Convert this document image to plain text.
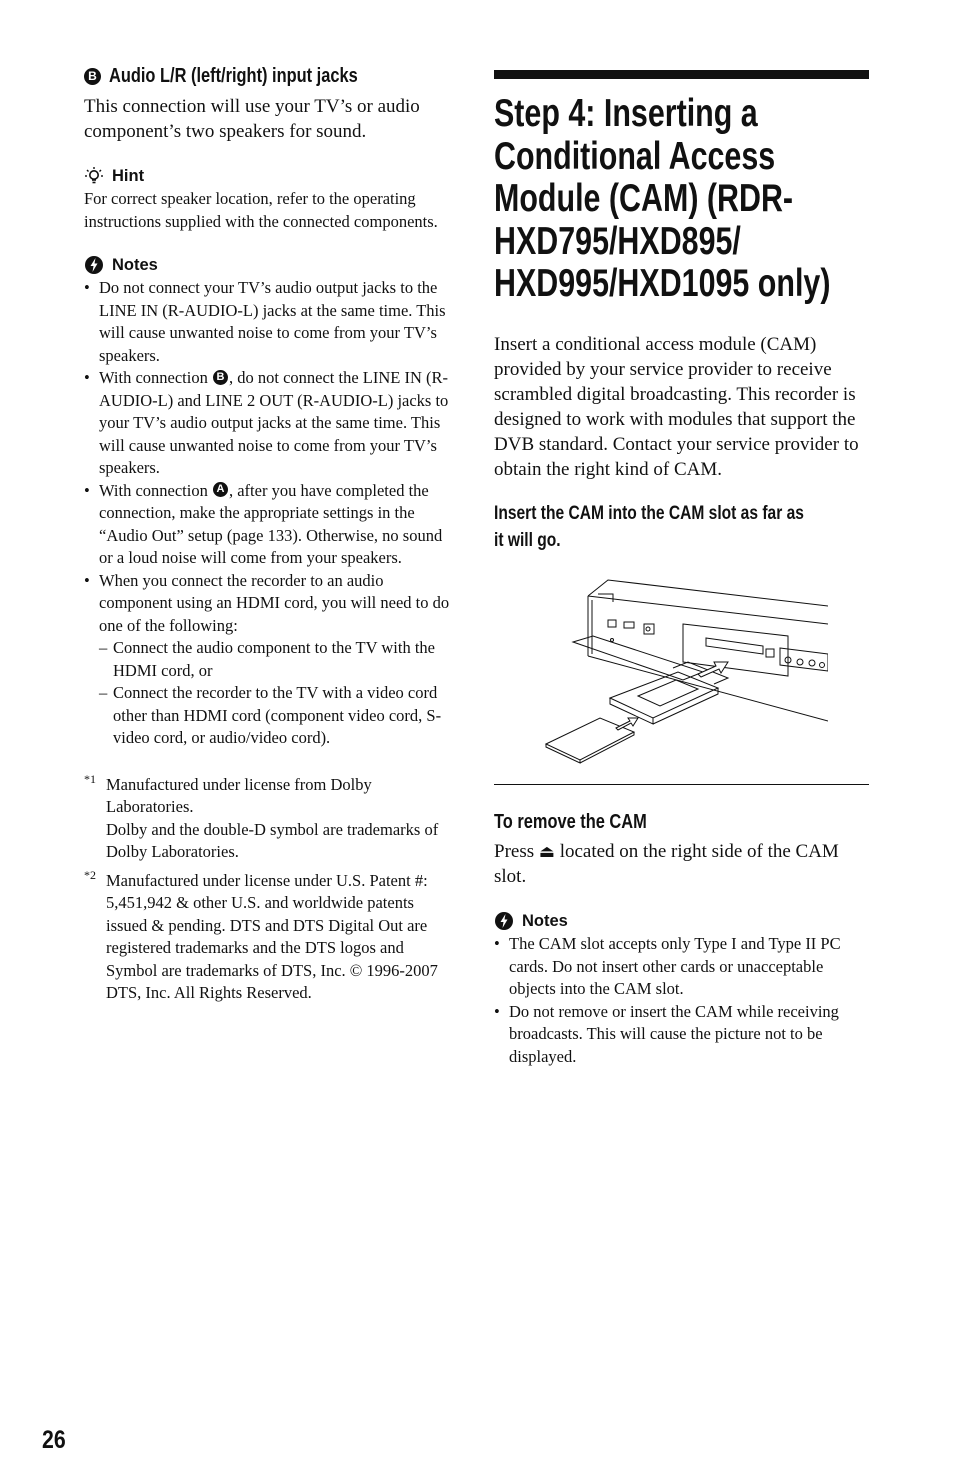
B Audio L/R (left/right) input jacks

This connection will use your TV’s or audio component’s two speakers for sound.

Hint

For correct speaker location, refer to the operating instructions supplied with the connected components.

Notes
• Do not connect your TV’s audio output jacks to the LINE IN (R-AUDIO-L) jacks at the same time. This will cause unwanted noise to come from your TV’s speakers.
• With connection B , do not connect the LINE IN (R-AUDIO-L) and LINE 2 OUT (R-AUDIO-L) jacks to your TV’s audio output jacks at the same time. This will cause unwanted noise to come from your TV’s speakers.
• With connection A , after you have completed the connection, make the appropriate settings in the “Audio Out” setup (page 133). Otherwise, no sound or a loud noise will come from your speakers.
• When you connect the recorder to an audio component using an HDMI cord, you will need to do one of the following:
– Connect the audio component to the TV with the HDMI cord, or
– Connect the recorder to the TV with a video cord other than HDMI cord (component video cord, S-video cord, or audio/video cord).
*1 Manufactured under license from Dolby Laboratories.
Dolby and the double-D symbol are trademarks of Dolby Laboratories.
*2 Manufactured under license under U.S. Patent #: 5,451,942 & other U.S. and worldwide patents issued & pending. DTS and DTS Digital Out are registered trademarks and the DTS logos and Symbol are trademarks of DTS, Inc. © 1996-2007 DTS, Inc. All Rights Reserved.
Step 4: Inserting a
Conditional Access
Module (CAM) (RDR-
HXD795/HXD895/
HXD995/HXD1095 only)

Insert a conditional access module (CAM) provided by your service provider to receive scrambled digital broadcasting. This recorder is designed to work with modules that support the DVB standard. Contact your service provider to obtain the right kind of CAM.

Insert the CAM into the CAM slot as far as
it will go.
To remove the CAM

Press ⏏ located on the right side of the CAM slot.

Notes
• The CAM slot accepts only Type I and Type II PC cards. Do not insert other cards or unacceptable objects into the CAM slot.
• Do not remove or insert the CAM while receiving broadcasts. This will cause the picture not to be displayed.
26
